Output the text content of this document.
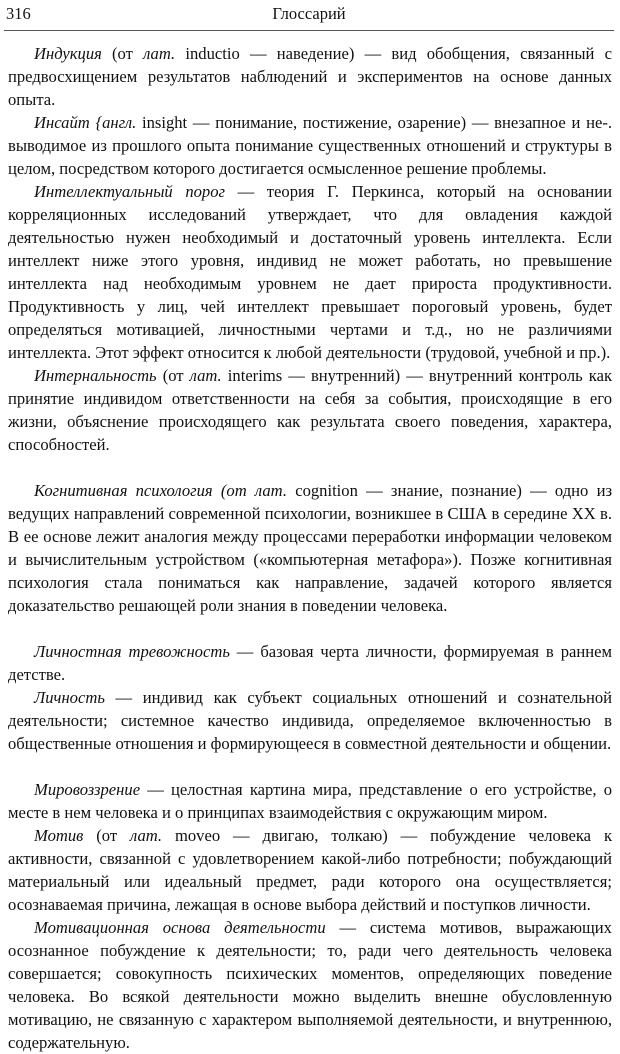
316	Глоссарий

Индукция (от лат. inductio — наведение) — вид обобщения, связанный с предвосхищением результатов наблюдений и экспериментов на основе данных опыта.

Инсайт {англ. insight — понимание, постижение, озарение) — внезапное и не-. выводимое из прошлого опыта понимание существенных отношений и структуры в целом, посредством которого достигается осмысленное решение проблемы.

Интеллектуальный порог — теория Г. Перкинса, который на основании корреляционных исследований утверждает, что для овладения каждой деятельностью нужен необходимый и достаточный уровень интеллекта. Если интеллект ниже этого уровня, индивид не может работать, но превышение интеллекта над необходимым уровнем не дает прироста продуктивности. Продуктивность у лиц, чей интеллект превышает пороговый уровень, будет определяться мотивацией, личностными чертами и т.д., но не различиями интеллекта. Этот эффект относится к любой деятельности (трудовой, учебной и пр.).

Интернальность (от лат. interims — внутренний) — внутренний контроль как принятие индивидом ответственности на себя за события, происходящие в его жизни, объяснение происходящего как результата своего поведения, характера, способностей.

Когнитивная психология (от лат. cognition — знание, познание) — одно из ведущих направлений современной психологии, возникшее в США в середине XX в. В ее основе лежит аналогия между процессами переработки информации человеком и вычислительным устройством («компьютерная метафора»). Позже когнитивная психология стала пониматься как направление, задачей которого является доказательство решающей роли знания в поведении человека.

Личностная тревожность — базовая черта личности, формируемая в раннем детстве.

Личность — индивид как субъект социальных отношений и сознательной деятельности; системное качество индивида, определяемое включенностью в общественные отношения и формирующееся в совместной деятельности и общении.

Мировоззрение — целостная картина мира, представление о его устройстве, о месте в нем человека и о принципах взаимодействия с окружающим миром.

Мотив (от лат. moveo — двигаю, толкаю) — побуждение человека к активности, связанной с удовлетворением какой-либо потребности; побуждающий материальный или идеальный предмет, ради которого она осуществляется; осознаваемая причина, лежащая в основе выбора действий и поступков личности.

Мотивационная основа деятельности — система мотивов, выражающих осознанное побуждение к деятельности; то, ради чего деятельность человека совершается; совокупность психических моментов, определяющих поведение человека. Во всякой деятельности можно выделить внешне обусловленную мотивацию, не связанную с характером выполняемой деятельности, и внутреннюю, содержательную.
